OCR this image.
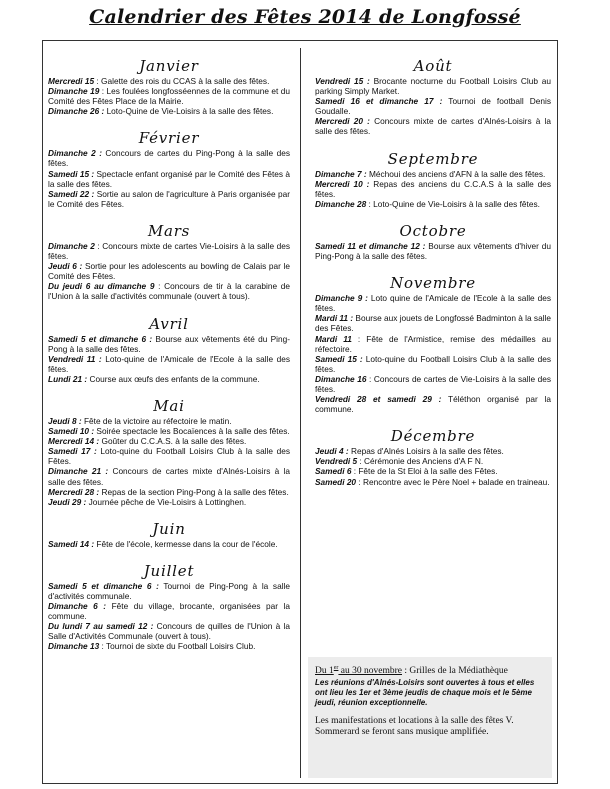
Calendrier des Fêtes 2014 de Longfossé
Janvier

Mercredi 15 : Galette des rois du CCAS à la salle des fêtes.

Dimanche 19 : Les foulées longfosséennes de la commune et du Comité des Fêtes Place de la Mairie.

Dimanche 26 : Loto-Quine de Vie-Loisirs à la salle des fêtes.

Février

Dimanche 2 : Concours de cartes du Ping-Pong à la salle des fêtes.

Samedi 15 : Spectacle enfant organisé par le Comité des Fêtes à la salle des fêtes.

Samedi 22 : Sortie au salon de l'agriculture à Paris organisée par le Comité des Fêtes.

Mars

Dimanche 2 : Concours mixte de cartes Vie-Loisirs à la salle des fêtes.

Jeudi 6 : Sortie pour les adolescents au bowling de Calais par le Comité des Fêtes.

Du jeudi 6 au dimanche 9 : Concours de tir à la carabine de l'Union à la salle d'activités communale (ouvert à tous).

Avril

Samedi 5 et dimanche 6 : Bourse aux vêtements été du Ping-Pong à la salle des fêtes.

Vendredi 11 : Loto-quine de l'Amicale de l'Ecole à la salle des fêtes.

Lundi 21 : Course aux œufs des enfants de la commune.

Mai

Jeudi 8 : Fête de la victoire au réfectoire le matin.

Samedi 10 : Soirée spectacle les Bocaïences à la salle des fêtes.

Mercredi 14 : Goûter du C.C.A.S. à la salle des fêtes.

Samedi 17 : Loto-quine du Football Loisirs Club à la salle des Fêtes.

Dimanche 21 : Concours de cartes mixte d'Alnés-Loisirs à la salle des fêtes.

Mercredi 28 : Repas de la section Ping-Pong à la salle des fêtes.

Jeudi 29 : Journée pêche de Vie-Loisirs à Lottinghen.

Juin

Samedi 14 : Fête de l'école, kermesse dans la cour de l'école.

Juillet

Samedi 5 et dimanche 6 : Tournoi de Ping-Pong à la salle d'activités communale.

Dimanche 6 : Fête du village, brocante, organisées par la commune.

Du lundi 7 au samedi 12 : Concours de quilles de l'Union à la Salle d'Activités Communale (ouvert à tous).

Dimanche 13 : Tournoi de sixte du Football Loisirs Club.

Août

Vendredi 15 : Brocante nocturne du Football Loisirs Club au parking Simply Market.

Samedi 16 et dimanche 17 : Tournoi de football Denis Goudalle.

Mercredi 20 : Concours mixte de cartes d'Alnés-Loisirs à la salle des fêtes.

Septembre

Dimanche 7 : Méchoui des anciens d'AFN à la salle des fêtes.

Mercredi 10 : Repas des anciens du C.C.A.S à la salle des fêtes.

Dimanche 28 : Loto-Quine de Vie-Loisirs à la salle des fêtes.

Octobre

Samedi 11 et dimanche 12 : Bourse aux vêtements d'hiver du Ping-Pong à la salle des fêtes.

Novembre

Dimanche 9 : Loto quine de l'Amicale de l'Ecole à la salle des fêtes.

Mardi 11 : Bourse aux jouets de Longfossé Badminton à la salle des Fêtes.

Mardi 11 : Fête de l'Armistice, remise des médailles au réfectoire.

Samedi 15 : Loto-quine du Football Loisirs Club à la salle des fêtes.

Dimanche 16 : Concours de cartes de Vie-Loisirs à la salle des fêtes.

Vendredi 28 et samedi 29 : Téléthon organisé par la commune.

Décembre

Jeudi 4 : Repas d'Alnés Loisirs à la salle des fêtes.

Vendredi 5 : Cérémonie des Anciens d'A F N.

Samedi 6 : Fête de la St Eloi à la salle des Fêtes.

Samedi 20 : Rencontre avec le Père Noel + balade en traineau.

Du 1er au 30 novembre : Grilles de la Médiathèque

Les réunions d'Alnés-Loisirs sont ouvertes à tous et elles ont lieu les 1er et 3ème jeudis de chaque mois et le 5ème jeudi, réunion exceptionnelle.

Les manifestations et locations à la salle des fêtes V. Sommerard se feront sans musique amplifiée.
